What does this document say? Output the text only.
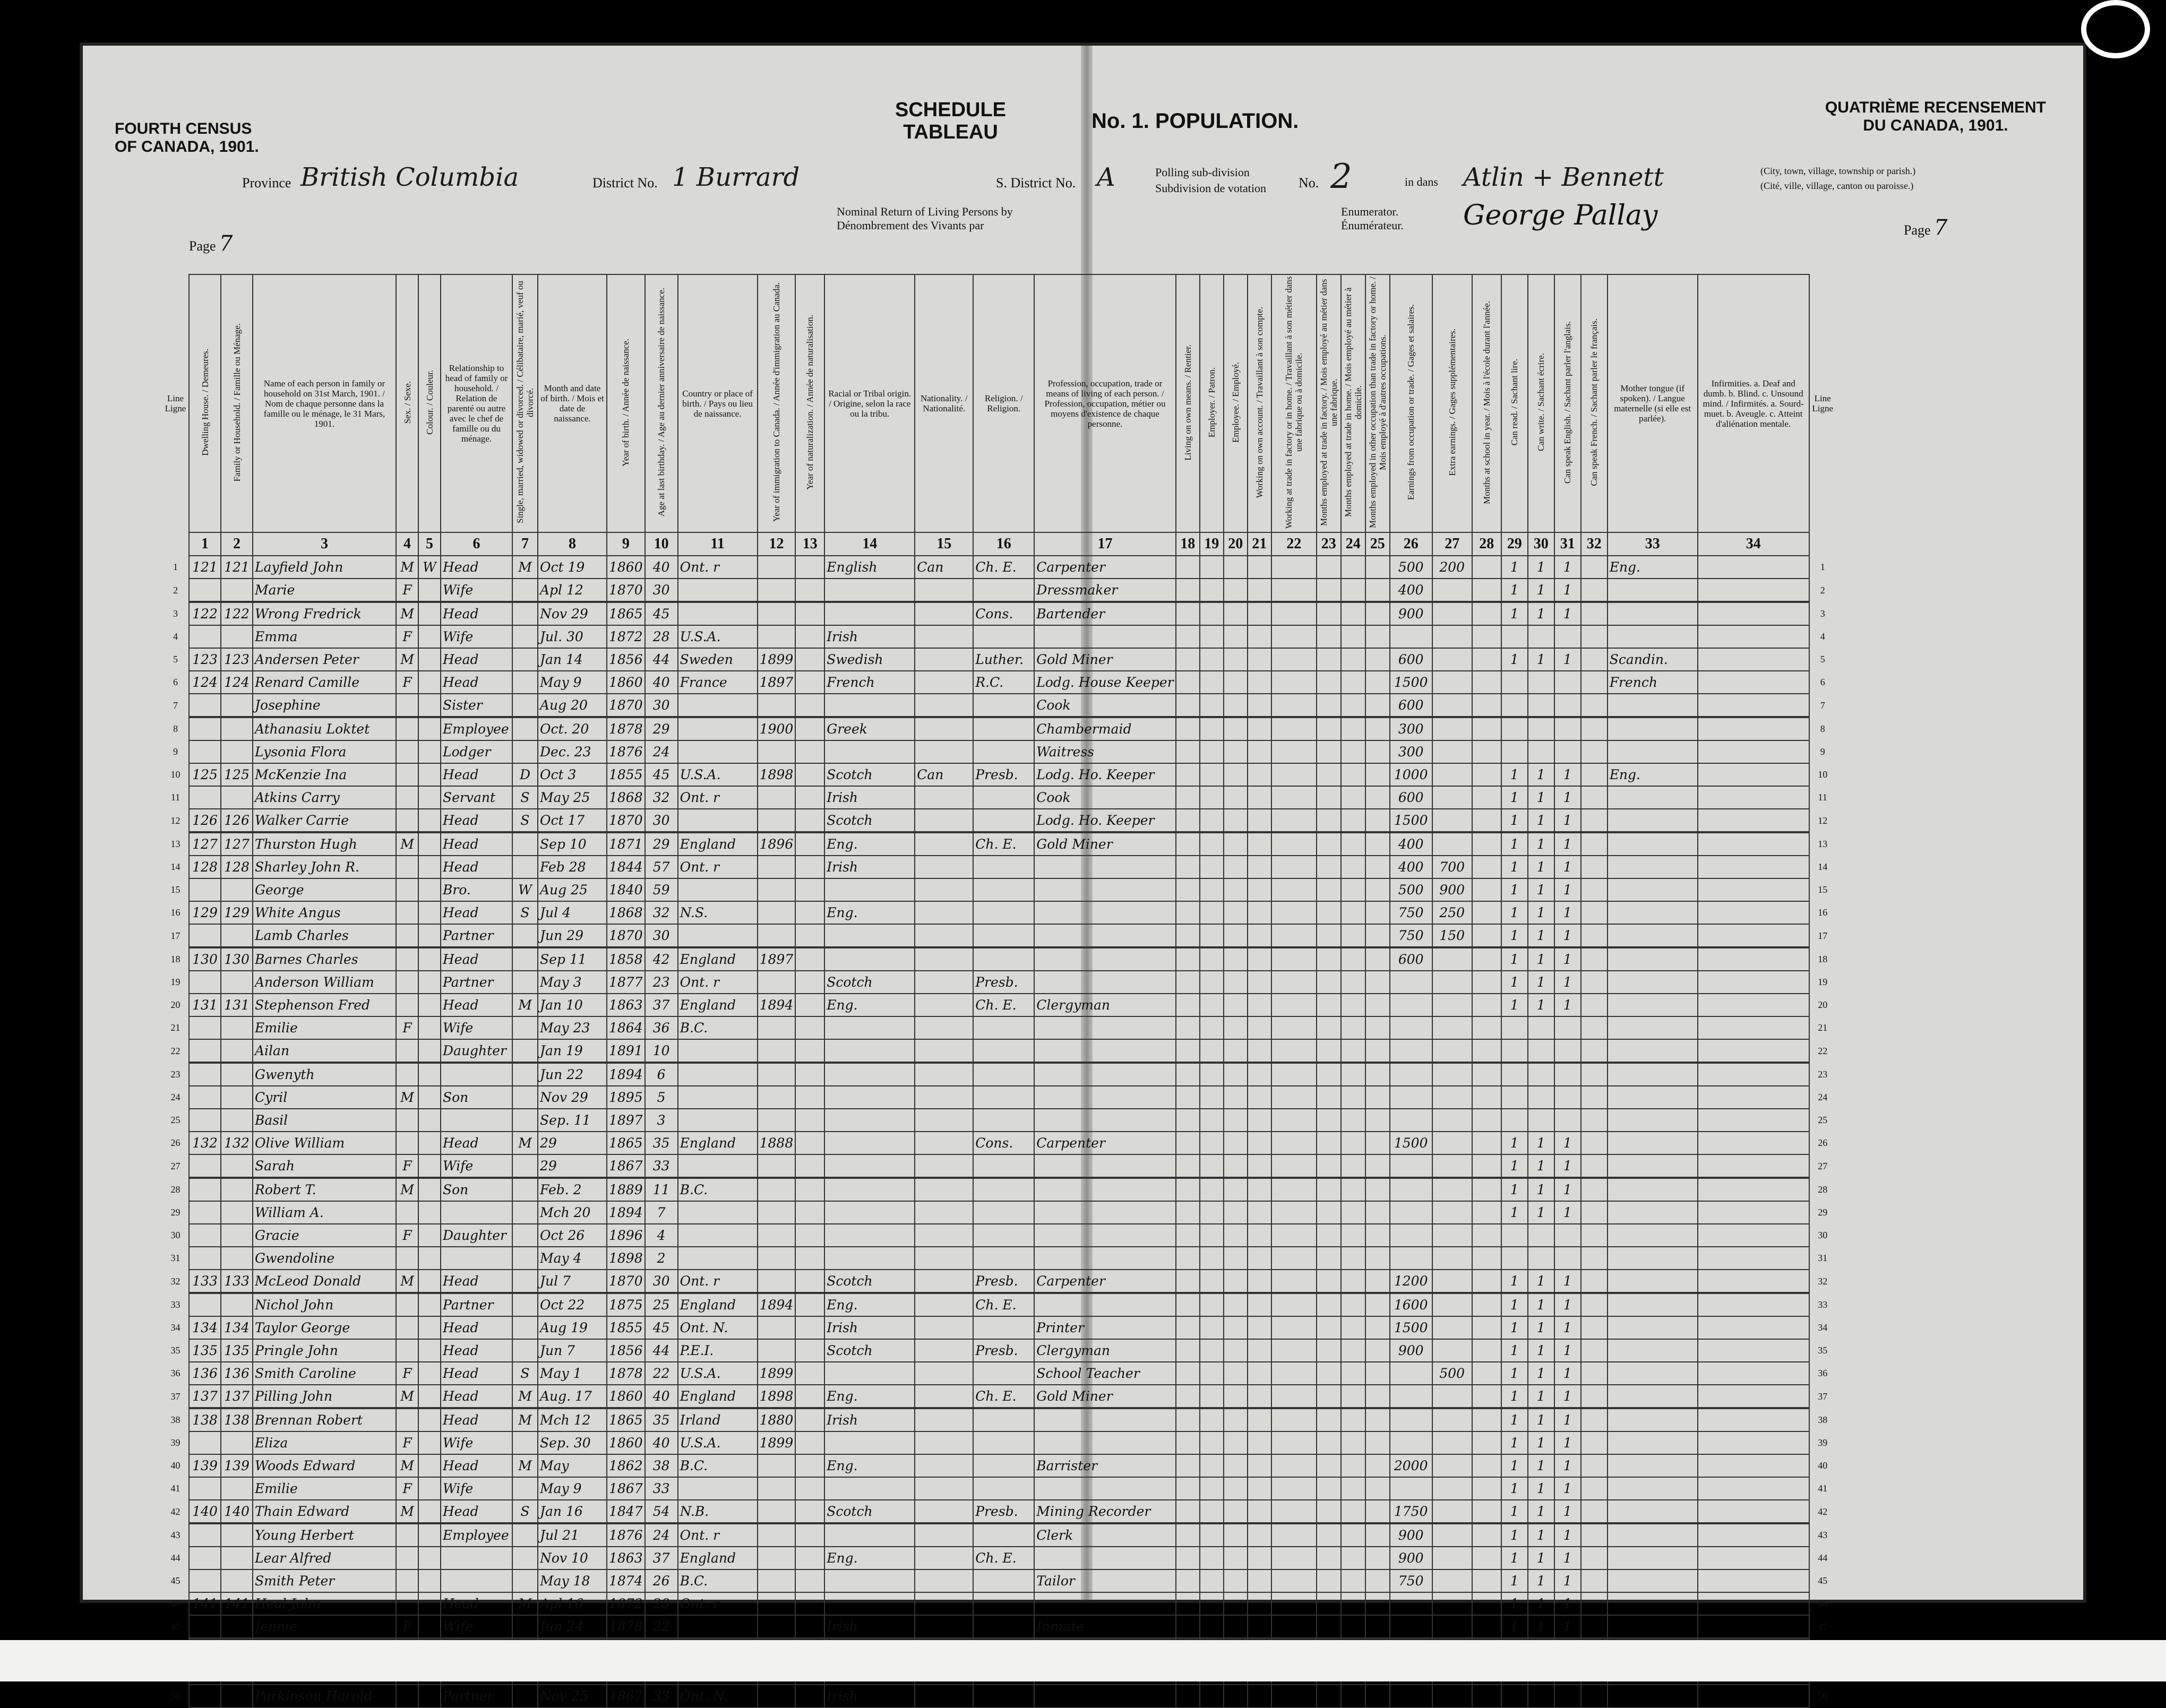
FOURTH CENSUS
OF CANADA, 1901.
SCHEDULE
TABLEAU	No. 1. POPULATION.
QUATRIÈME RECENSEMENT
DU CANADA, 1901.
Province British Columbia	District No. 1 Burrard	S. District No. A	Polling sub-division
Subdivision de votation No. 2	in dans Atlin + Bennett	(City, town, village, township or parish.)
(Cité, ville, village, canton ou paroisse.)
Nominal Return of Living Persons by
Dénombrement des Vivants par
Enumerator.
Énumérateur. George Pallay
Page 7
Page 7
Line Ligne	Dwelling House. / Demeures.	Family or Household. / Famille ou Ménage.	Name of each person in family or household on 31st March, 1901. / Nom de chaque personne dans la famille ou le ménage, le 31 Mars, 1901.	Sex. / Sexe.	Colour. / Couleur.	Relationship to head of family or household. / Relation de parenté ou autre avec le chef de famille ou du ménage.	Single, married, widowed or divorced. / Célibataire, marié, veuf ou divorcé.	Month and date of birth. / Mois et date de naissance.	Year of birth. / Année de naissance.	Age at last birthday. / Age au dernier anniversaire de naissance.	Country or place of birth. / Pays ou lieu de naissance.	Year of immigration to Canada. / Année d'immigration au Canada.	Year of naturalization. / Année de naturalisation.	Racial or Tribal origin. / Origine, selon la race ou la tribu.	Nationality. / Nationalité.	Religion. / Religion.	Profession, occupation, trade or means of living of each person. / Profession, occupation, métier ou moyens d'existence de chaque personne.	Living on own means. / Rentier.	Employer. / Patron.	Employee. / Employé.	Working on own account. / Travaillant à son compte.	Working at trade in factory or in home. / Travaillant à son métier dans une fabrique ou à domicile.	Months employed at trade in factory. / Mois employé au métier dans une fabrique.	Months employed at trade in home. / Mois employé au métier à domicile.	Months employed in other occupation than trade in factory or home. / Mois employé à d'autres occupations.	Earnings from occupation or trade. / Gages et salaires.	Extra earnings. / Gages supplémentaires.	Months at school in year. / Mois à l'école durant l'année.	Can read. / Sachant lire.	Can write. / Sachant écrire.	Can speak English. / Sachant parler l'anglais.	Can speak French. / Sachant parler le français.	Mother tongue (if spoken). / Langue maternelle (si elle est parlée).	Infirmities. a. Deaf and dumb. b. Blind. c. Unsound mind. / Infirmités. a. Sourd-muet. b. Aveugle. c. Atteint d'aliénation mentale.	Line Ligne
	1	2	3	4	5	6	7	8	9	10	11	12	13	14	15	16	17	18	19	20	21	22	23	24	25	26	27	28	29	30	31	32	33	34	
1	121	121	Layfield John	M	W	Head	M	Oct 19	1860	40	Ont. r			English	Can	Ch. E.	Carpenter									500	200		1	1	1		Eng.		1
2			Marie	F		Wife		Apl 12	1870	30							Dressmaker									400			1	1	1				2
3	122	122	Wrong Fredrick	M		Head		Nov 29	1865	45						Cons.	Bartender									900			1	1	1				3
4			Emma	F		Wife		Jul. 30	1872	28	U.S.A.			Irish																					4
5	123	123	Andersen Peter	M		Head		Jan 14	1856	44	Sweden	1899		Swedish		Luther.	Gold Miner									600			1	1	1		Scandin.		5
6	124	124	Renard Camille	F		Head		May 9	1860	40	France	1897		French		R.C.	Lodg. House Keeper									1500							French		6
7			Josephine			Sister		Aug 20	1870	30							Cook									600									7
8			Athanasiu Loktet			Employee		Oct. 20	1878	29		1900		Greek			Chambermaid									300									8
9			Lysonia Flora			Lodger		Dec. 23	1876	24							Waitress									300									9
10	125	125	McKenzie Ina			Head	D	Oct 3	1855	45	U.S.A.	1898		Scotch	Can	Presb.	Lodg. Ho. Keeper									1000			1	1	1		Eng.		10
11			Atkins Carry			Servant	S	May 25	1868	32	Ont. r			Irish			Cook									600			1	1	1				11
12	126	126	Walker Carrie			Head	S	Oct 17	1870	30				Scotch			Lodg. Ho. Keeper									1500			1	1	1				12
13	127	127	Thurston Hugh	M		Head		Sep 10	1871	29	England	1896		Eng.		Ch. E.	Gold Miner									400			1	1	1				13
14	128	128	Sharley John R.			Head		Feb 28	1844	57	Ont. r			Irish												400	700		1	1	1				14
15			George			Bro.	W	Aug 25	1840	59																500	900		1	1	1				15
16	129	129	White Angus			Head	S	Jul 4	1868	32	N.S.			Eng.												750	250		1	1	1				16
17			Lamb Charles			Partner		Jun 29	1870	30																750	150		1	1	1				17
18	130	130	Barnes Charles			Head		Sep 11	1858	42	England	1897														600			1	1	1				18
19			Anderson William			Partner		May 3	1877	23	Ont. r			Scotch		Presb.													1	1	1				19
20	131	131	Stephenson Fred			Head	M	Jan 10	1863	37	England	1894		Eng.		Ch. E.	Clergyman												1	1	1				20
21			Emilie	F		Wife		May 23	1864	36	B.C.																								21
22			Ailan			Daughter		Jan 19	1891	10																									22
23			Gwenyth					Jun 22	1894	6																									23
24			Cyril	M		Son		Nov 29	1895	5																									24
25			Basil					Sep. 11	1897	3																									25
26	132	132	Olive William			Head	M	29	1865	35	England	1888				Cons.	Carpenter									1500			1	1	1				26
27			Sarah	F		Wife		29	1867	33																			1	1	1				27
28			Robert T.	M		Son		Feb. 2	1889	11	B.C.																		1	1	1				28
29			William A.					Mch 20	1894	7																			1	1	1				29
30			Gracie	F		Daughter		Oct 26	1896	4																									30
31			Gwendoline					May 4	1898	2																									31
32	133	133	McLeod Donald	M		Head		Jul 7	1870	30	Ont. r			Scotch		Presb.	Carpenter									1200			1	1	1				32
33			Nichol John			Partner		Oct 22	1875	25	England	1894		Eng.		Ch. E.										1600			1	1	1				33
34	134	134	Taylor George			Head		Aug 19	1855	45	Ont. N.			Irish			Printer									1500			1	1	1				34
35	135	135	Pringle John			Head		Jun 7	1856	44	P.E.I.			Scotch		Presb.	Clergyman									900			1	1	1				35
36	136	136	Smith Caroline	F		Head	S	May 1	1878	22	U.S.A.	1899					School Teacher										500		1	1	1				36
37	137	137	Pilling John	M		Head	M	Aug. 17	1860	40	England	1898		Eng.		Ch. E.	Gold Miner												1	1	1				37
38	138	138	Brennan Robert			Head	M	Mch 12	1865	35	Irland	1880		Irish															1	1	1				38
39			Eliza	F		Wife		Sep. 30	1860	40	U.S.A.	1899																	1	1	1				39
40	139	139	Woods Edward	M		Head	M	May	1862	38	B.C.			Eng.			Barrister									2000			1	1	1				40
41			Emilie	F		Wife		May 9	1867	33																			1	1	1				41
42	140	140	Thain Edward	M		Head	S	Jan 16	1847	54	N.B.			Scotch		Presb.	Mining Recorder									1750			1	1	1				42
43			Young Herbert			Employee		Jul 21	1876	24	Ont. r						Clerk									900			1	1	1				43
44			Lear Alfred					Nov 10	1863	37	England			Eng.		Ch. E.										900			1	1	1				44
45			Smith Peter					May 18	1874	26	B.C.						Tailor									750			1	1	1				45
46	141	141	Heal John			Head	M	Apl 16	1872	28	Ont. r																		1	1	1				46
47			Jennie	F		Wife		Jun 24	1878	22				Irish			Inmate												1	1	1				47

50			Parkinson Harold			Partner		Nov 25	1867	33	Ont. N.			Irish																					50
